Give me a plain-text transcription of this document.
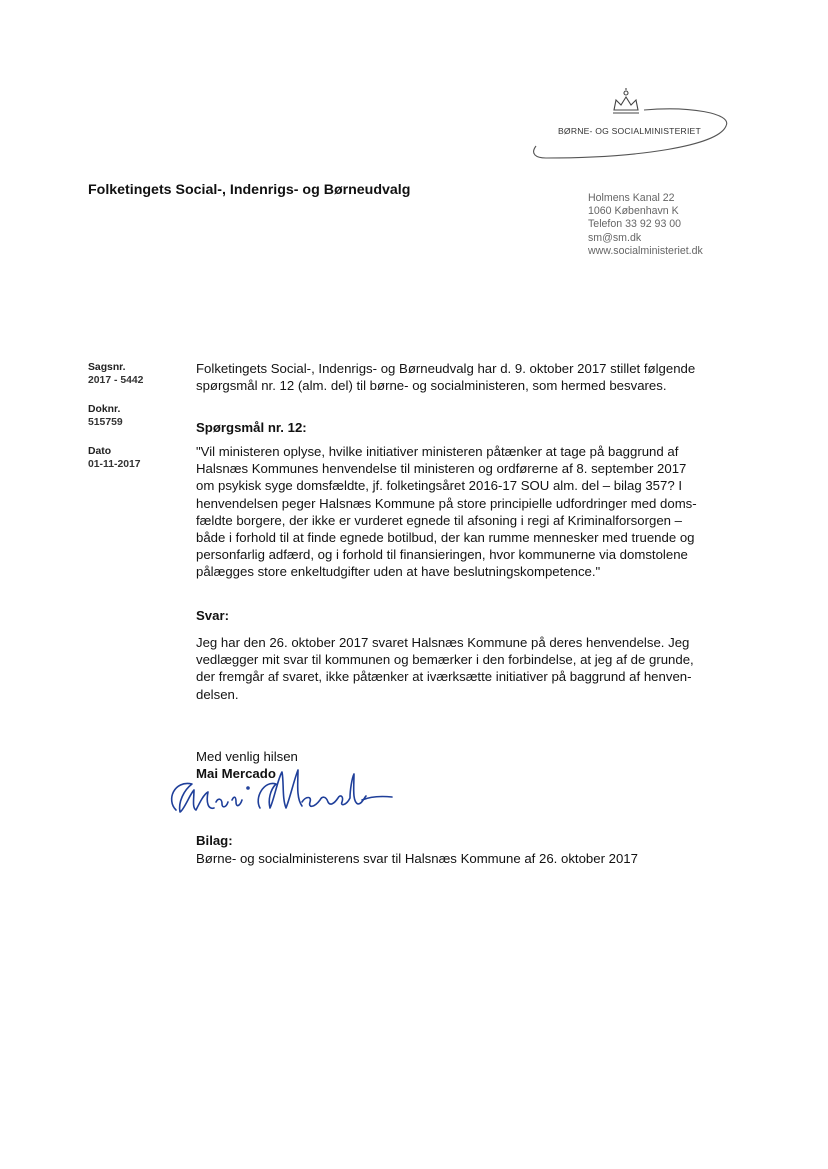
BØRNE- OG SOCIALMINISTERIET
Folketingets Social-, Indenrigs- og Børneudvalg	Holmens Kanal 22
1060 København K
Telefon 33 92 93 00
sm@sm.dk
www.socialministeriet.dk
Sagsnr.
2017 - 5442
Doknr.
515759
Dato
01-11-2017
Folketingets Social-, Indenrigs- og Børneudvalg har d. 9. oktober 2017 stillet følgende
spørgsmål nr. 12 (alm. del) til børne- og socialministeren, som hermed besvares.
Spørgsmål nr. 12:
"Vil ministeren oplyse, hvilke initiativer ministeren påtænker at tage på baggrund af
Halsnæs Kommunes henvendelse til ministeren og ordførerne af 8. september 2017
om psykisk syge domsfældte, jf. folketingsåret 2016-17 SOU alm. del – bilag 357? I
henvendelsen peger Halsnæs Kommune på store principielle udfordringer med doms-
fældte borgere, der ikke er vurderet egnede til afsoning i regi af Kriminalforsorgen –
både i forhold til at finde egnede botilbud, der kan rumme mennesker med truende og
personfarlig adfærd, og i forhold til finansieringen, hvor kommunerne via domstolene
pålægges store enkeltudgifter uden at have beslutningskompetence."
Svar:
Jeg har den 26. oktober 2017 svaret Halsnæs Kommune på deres henvendelse. Jeg
vedlægger mit svar til kommunen og bemærker i den forbindelse, at jeg af de grunde,
der fremgår af svaret, ikke påtænker at iværksætte initiativer på baggrund af henven-
delsen.
Med venlig hilsen
Mai Mercado
Bilag:
Børne- og socialministerens svar til Halsnæs Kommune af 26. oktober 2017
